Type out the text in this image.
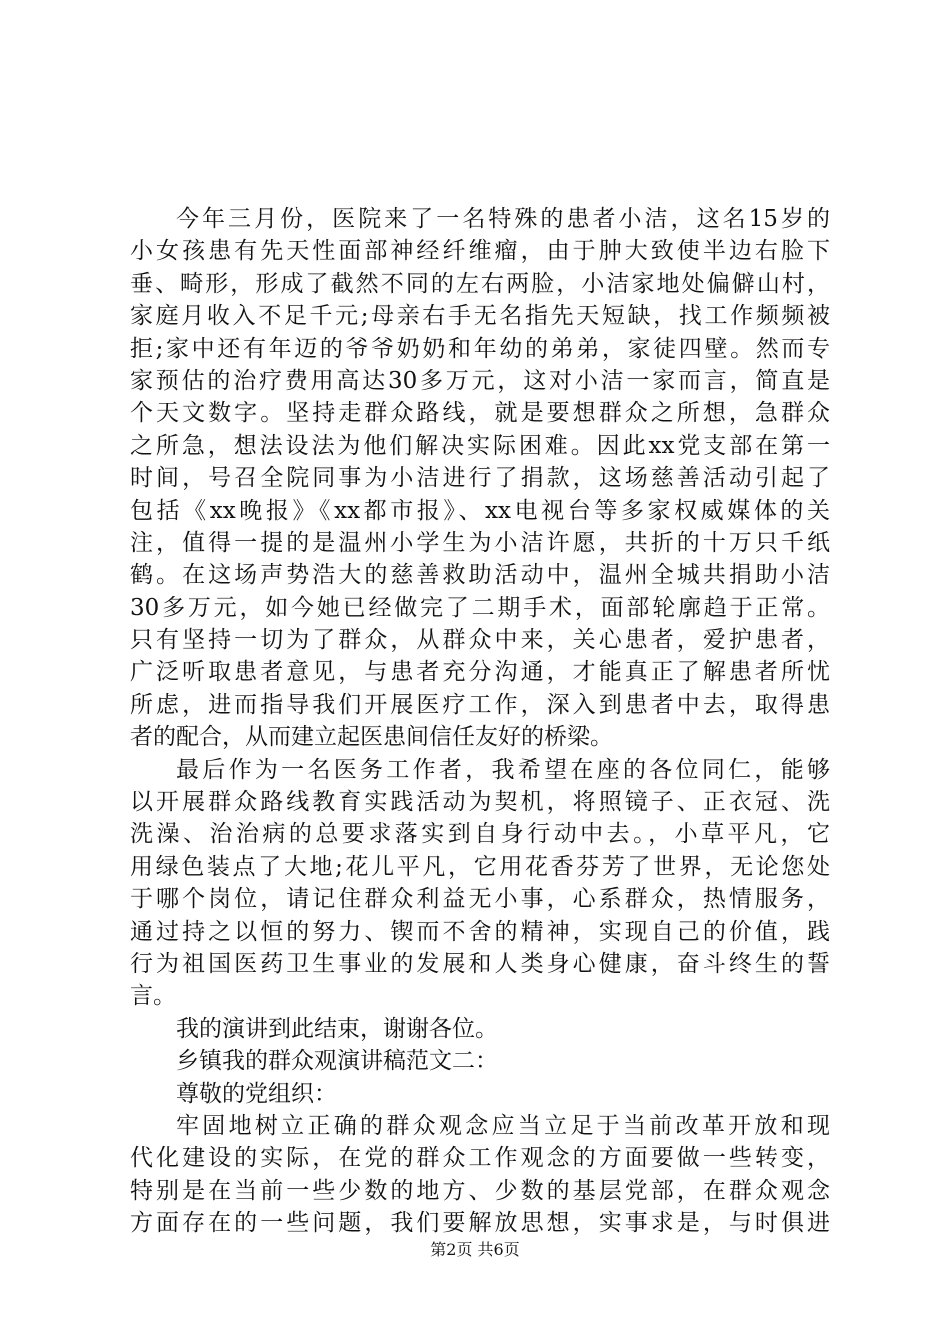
今年三月份，医院来了一名特殊的患者小洁，这名15岁的
小女孩患有先天性面部神经纤维瘤，由于肿大致使半边右脸下
垂、畸形，形成了截然不同的左右两脸，小洁家地处偏僻山村，
家庭月收入不足千元;母亲右手无名指先天短缺，找工作频频被
拒;家中还有年迈的爷爷奶奶和年幼的弟弟，家徒四壁。然而专
家预估的治疗费用高达30多万元，这对小洁一家而言，简直是
个天文数字。坚持走群众路线，就是要想群众之所想，急群众
之所急，想法设法为他们解决实际困难。因此xx党支部在第一
时间，号召全院同事为小洁进行了捐款，这场慈善活动引起了
包括《xx晚报》《xx都市报》、xx电视台等多家权威媒体的关
注，值得一提的是温州小学生为小洁许愿，共折的十万只千纸
鹤。在这场声势浩大的慈善救助活动中，温州全城共捐助小洁
30多万元，如今她已经做完了二期手术，面部轮廓趋于正常。
只有坚持一切为了群众，从群众中来，关心患者，爱护患者，
广泛听取患者意见，与患者充分沟通，才能真正了解患者所忧
所虑，进而指导我们开展医疗工作，深入到患者中去，取得患
者的配合，从而建立起医患间信任友好的桥梁。
最后作为一名医务工作者，我希望在座的各位同仁，能够
以开展群众路线教育实践活动为契机，将照镜子、正衣冠、洗
洗澡、治治病的总要求落实到自身行动中去。，小草平凡，它
用绿色装点了大地;花儿平凡，它用花香芬芳了世界，无论您处
于哪个岗位，请记住群众利益无小事，心系群众，热情服务，
通过持之以恒的努力、锲而不舍的精神，实现自己的价值，践
行为祖国医药卫生事业的发展和人类身心健康，奋斗终生的誓
言。
我的演讲到此结束，谢谢各位。
乡镇我的群众观演讲稿范文二：
尊敬的党组织：
牢固地树立正确的群众观念应当立足于当前改革开放和现
代化建设的实际，在党的群众工作观念的方面要做一些转变，
特别是在当前一些少数的地方、少数的基层党部，在群众观念
方面存在的一些问题，我们要解放思想，实事求是，与时俱进
第2页 共6页
